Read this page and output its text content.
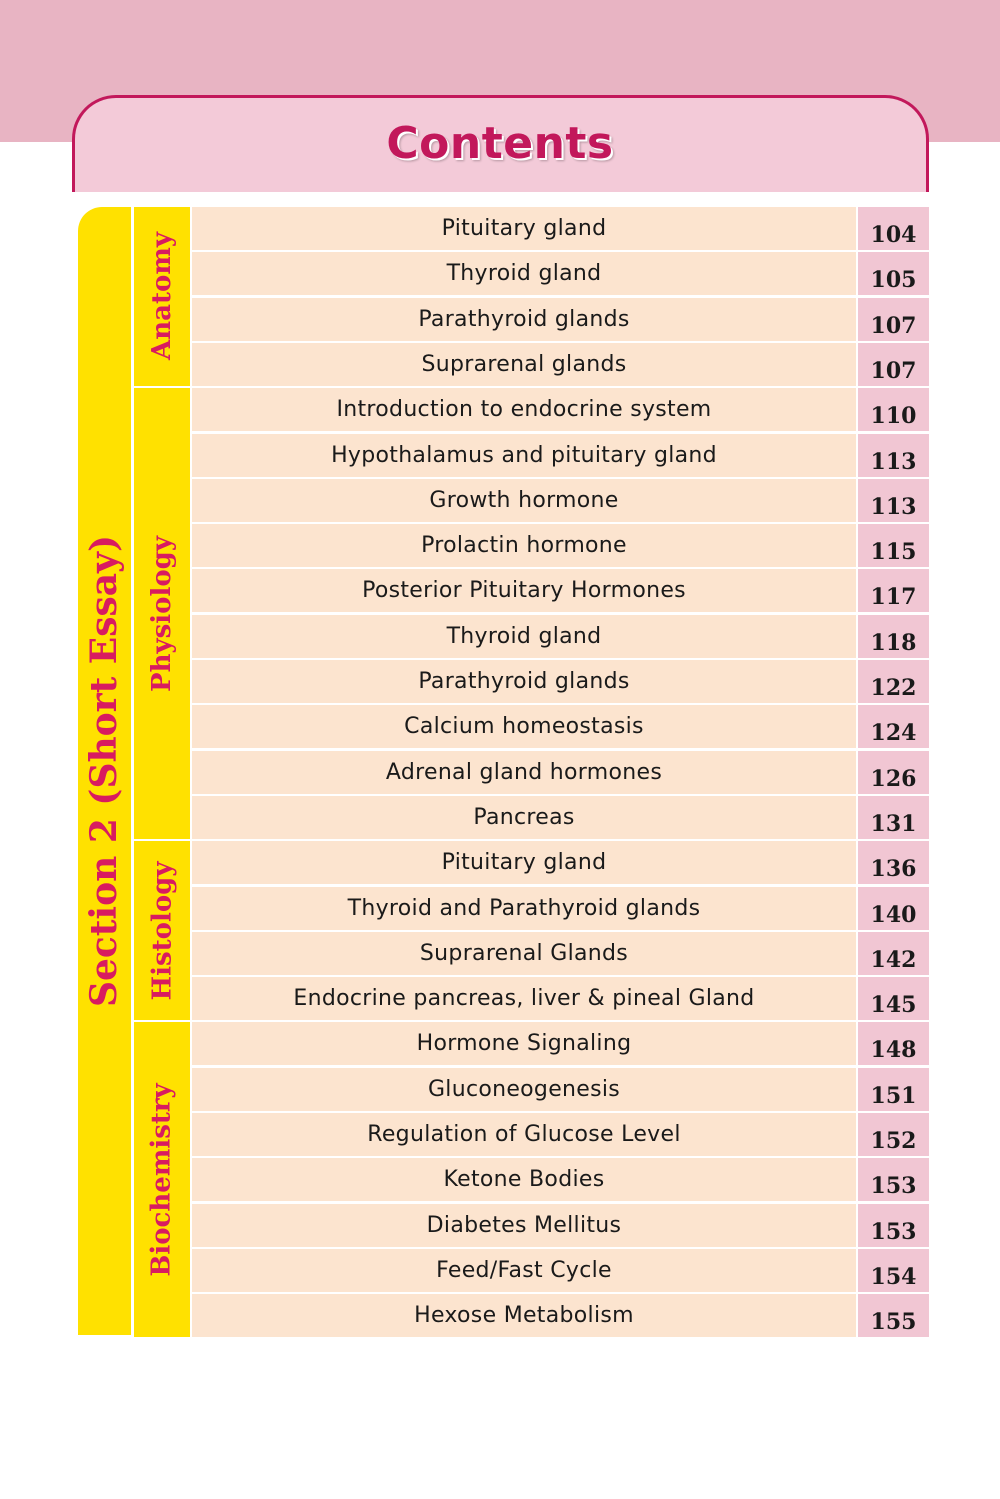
Contents
Section 2 (Short Essay)
Anatomy
Pituitary gland	104
Thyroid gland	105
Parathyroid glands	107
Suprarenal glands	107
Physiology
Introduction to endocrine system	110
Hypothalamus and pituitary gland	113
Growth hormone	113
Prolactin hormone	115
Posterior Pituitary Hormones	117
Thyroid gland	118
Parathyroid glands	122
Calcium homeostasis	124
Adrenal gland hormones	126
Pancreas	131
Histology	Pituitary gland	136
Thyroid and Parathyroid glands	140
Suprarenal Glands	142
Endocrine pancreas, liver & pineal Gland	145
Biochemistry
Hormone Signaling	148
Gluconeogenesis	151
Regulation of Glucose Level	152
Ketone Bodies	153
Diabetes Mellitus	153
Feed/Fast Cycle	154
Hexose Metabolism	155
